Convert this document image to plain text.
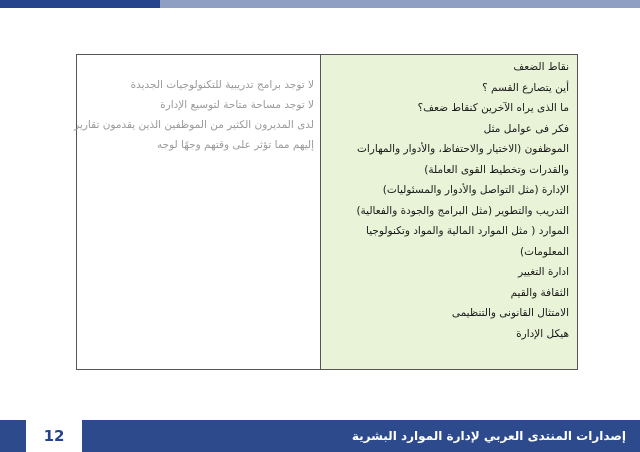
لا توجد برامج تدريبية للتكنولوجيات الجديدة
لا توجد مساحة متاحة لتوسيع الإدارة
لدى المديرون الكثير من الموظفين الذين يقدمون تقارير
إليهم مما تؤثر على وقتهم وجهًا لوجه
نقاط الضعف
أين يتصارع القسم ؟
ما الذى يراه الآخرين كنقاط ضعف؟
فكر فى عوامل مثل
الموظفون (الاختيار والاحتفاظ، والأدوار والمهارات
والقدرات وتخطيط القوى العاملة)
الإدارة (مثل التواصل والأدوار والمسئوليات)
التدريب والتطوير (مثل البرامج والجودة والفعالية)
الموارد ( مثل الموارد المالية والمواد وتكنولوجيا
المعلومات)
ادارة التغيير
الثقافة والقيم
الامتثال القانونى والتنظيمى
هيكل الإدارة
12	إصدارات المنتدى العربي لإدارة الموارد البشرية
